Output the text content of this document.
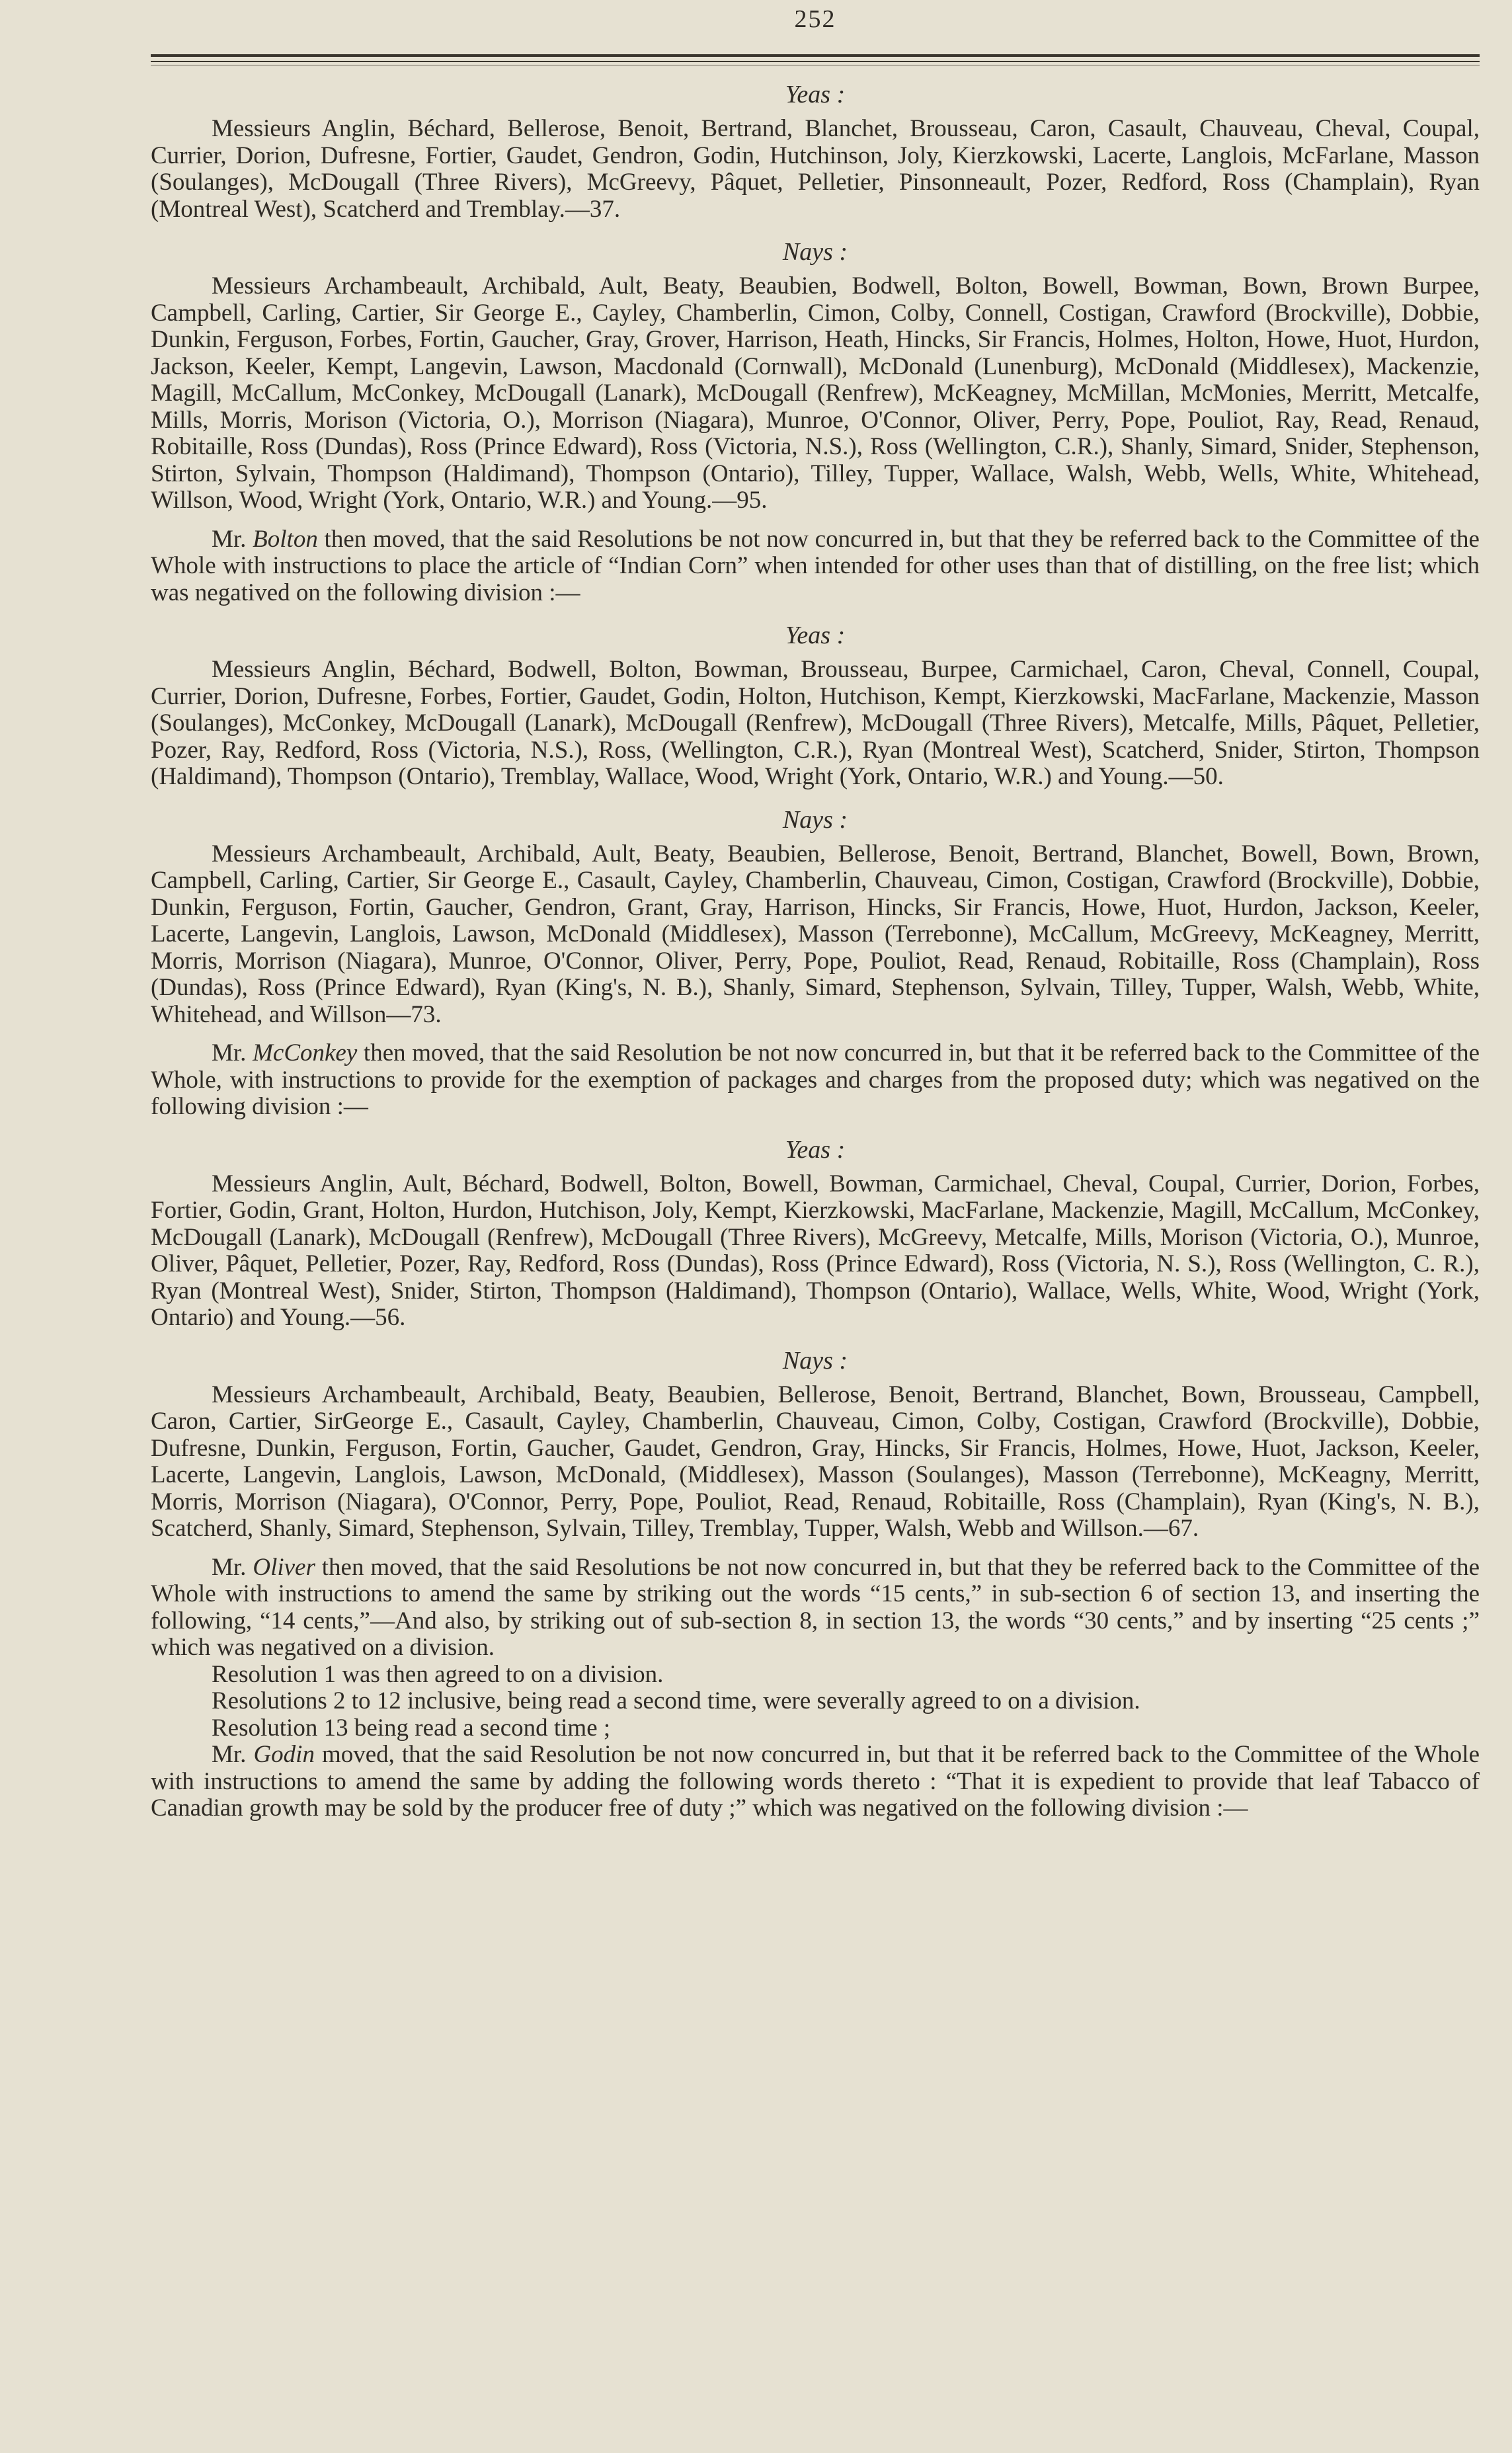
252
Yeas :

Messieurs Anglin, Béchard, Bellerose, Benoit, Bertrand, Blanchet, Brousseau, Caron, Casault, Chauveau, Cheval, Coupal, Currier, Dorion, Dufresne, Fortier, Gaudet, Gendron, Godin, Hutchinson, Joly, Kierzkowski, Lacerte, Langlois, McFarlane, Masson (Soulanges), McDougall (Three Rivers), McGreevy, Pâquet, Pelletier, Pinsonneault, Pozer, Redford, Ross (Champlain), Ryan (Montreal West), Scatcherd and Tremblay.—37.

Nays :

Messieurs Archambeault, Archibald, Ault, Beaty, Beaubien, Bodwell, Bolton, Bowell, Bowman, Bown, Brown Burpee, Campbell, Carling, Cartier, Sir George E., Cayley, Chamberlin, Cimon, Colby, Connell, Costigan, Crawford (Brockville), Dobbie, Dunkin, Ferguson, Forbes, Fortin, Gaucher, Gray, Grover, Harrison, Heath, Hincks, Sir Francis, Holmes, Holton, Howe, Huot, Hurdon, Jackson, Keeler, Kempt, Langevin, Lawson, Macdonald (Cornwall), McDonald (Lunenburg), McDonald (Middlesex), Mackenzie, Magill, McCallum, McConkey, McDougall (Lanark), McDougall (Renfrew), McKeagney, McMillan, McMonies, Merritt, Metcalfe, Mills, Morris, Morison (Victoria, O.), Morrison (Niagara), Munroe, O'Connor, Oliver, Perry, Pope, Pouliot, Ray, Read, Renaud, Robitaille, Ross (Dundas), Ross (Prince Edward), Ross (Victoria, N.S.), Ross (Wellington, C.R.), Shanly, Simard, Snider, Stephenson, Stirton, Sylvain, Thompson (Haldimand), Thompson (Ontario), Tilley, Tupper, Wallace, Walsh, Webb, Wells, White, Whitehead, Willson, Wood, Wright (York, Ontario, W.R.) and Young.—95.

Mr. Bolton then moved, that the said Resolutions be not now concurred in, but that they be referred back to the Committee of the Whole with instructions to place the article of “Indian Corn” when intended for other uses than that of distilling, on the free list; which was negatived on the following division :—

Yeas :

Messieurs Anglin, Béchard, Bodwell, Bolton, Bowman, Brousseau, Burpee, Carmichael, Caron, Cheval, Connell, Coupal, Currier, Dorion, Dufresne, Forbes, Fortier, Gaudet, Godin, Holton, Hutchison, Kempt, Kierzkowski, MacFarlane, Mackenzie, Masson (Soulanges), McConkey, McDougall (Lanark), McDougall (Renfrew), McDougall (Three Rivers), Metcalfe, Mills, Pâquet, Pelletier, Pozer, Ray, Redford, Ross (Victoria, N.S.), Ross, (Wellington, C.R.), Ryan (Montreal West), Scatcherd, Snider, Stirton, Thompson (Haldimand), Thompson (Ontario), Tremblay, Wallace, Wood, Wright (York, Ontario, W.R.) and Young.—50.

Nays :

Messieurs Archambeault, Archibald, Ault, Beaty, Beaubien, Bellerose, Benoit, Bertrand, Blanchet, Bowell, Bown, Brown, Campbell, Carling, Cartier, Sir George E., Casault, Cayley, Chamberlin, Chauveau, Cimon, Costigan, Crawford (Brockville), Dobbie, Dunkin, Ferguson, Fortin, Gaucher, Gendron, Grant, Gray, Harrison, Hincks, Sir Francis, Howe, Huot, Hurdon, Jackson, Keeler, Lacerte, Langevin, Langlois, Lawson, McDonald (Middlesex), Masson (Terrebonne), McCallum, McGreevy, McKeagney, Merritt, Morris, Morrison (Niagara), Munroe, O'Connor, Oliver, Perry, Pope, Pouliot, Read, Renaud, Robitaille, Ross (Champlain), Ross (Dundas), Ross (Prince Edward), Ryan (King's, N. B.), Shanly, Simard, Stephenson, Sylvain, Tilley, Tupper, Walsh, Webb, White, Whitehead, and Willson—73.

Mr. McConkey then moved, that the said Resolution be not now concurred in, but that it be referred back to the Committee of the Whole, with instructions to provide for the exemption of packages and charges from the proposed duty; which was negatived on the following division :—

Yeas :

Messieurs Anglin, Ault, Béchard, Bodwell, Bolton, Bowell, Bowman, Carmichael, Cheval, Coupal, Currier, Dorion, Forbes, Fortier, Godin, Grant, Holton, Hurdon, Hutchison, Joly, Kempt, Kierzkowski, MacFarlane, Mackenzie, Magill, McCallum, McConkey, McDougall (Lanark), McDougall (Renfrew), McDougall (Three Rivers), McGreevy, Metcalfe, Mills, Morison (Victoria, O.), Munroe, Oliver, Pâquet, Pelletier, Pozer, Ray, Redford, Ross (Dundas), Ross (Prince Edward), Ross (Victoria, N. S.), Ross (Wellington, C. R.), Ryan (Montreal West), Snider, Stirton, Thompson (Haldimand), Thompson (Ontario), Wallace, Wells, White, Wood, Wright (York, Ontario) and Young.—56.

Nays :

Messieurs Archambeault, Archibald, Beaty, Beaubien, Bellerose, Benoit, Bertrand, Blanchet, Bown, Brousseau, Campbell, Caron, Cartier, SirGeorge E., Casault, Cayley, Chamberlin, Chauveau, Cimon, Colby, Costigan, Crawford (Brockville), Dobbie, Dufresne, Dunkin, Ferguson, Fortin, Gaucher, Gaudet, Gendron, Gray, Hincks, Sir Francis, Holmes, Howe, Huot, Jackson, Keeler, Lacerte, Langevin, Langlois, Lawson, McDonald, (Middlesex), Masson (Soulanges), Masson (Terrebonne), McKeagny, Merritt, Morris, Morrison (Niagara), O'Connor, Perry, Pope, Pouliot, Read, Renaud, Robitaille, Ross (Champlain), Ryan (King's, N. B.), Scatcherd, Shanly, Simard, Stephenson, Sylvain, Tilley, Tremblay, Tupper, Walsh, Webb and Willson.—67.

Mr. Oliver then moved, that the said Resolutions be not now concurred in, but that they be referred back to the Committee of the Whole with instructions to amend the same by striking out the words “15 cents,” in sub-section 6 of section 13, and inserting the following, “14 cents,”—And also, by striking out of sub-section 8, in section 13, the words “30 cents,” and by inserting “25 cents ;” which was negatived on a division.

Resolution 1 was then agreed to on a division.

Resolutions 2 to 12 inclusive, being read a second time, were severally agreed to on a division.

Resolution 13 being read a second time ;

Mr. Godin moved, that the said Resolution be not now concurred in, but that it be referred back to the Committee of the Whole with instructions to amend the same by adding the following words thereto : “That it is expedient to provide that leaf Tabacco of Canadian growth may be sold by the producer free of duty ;” which was negatived on the following division :—
